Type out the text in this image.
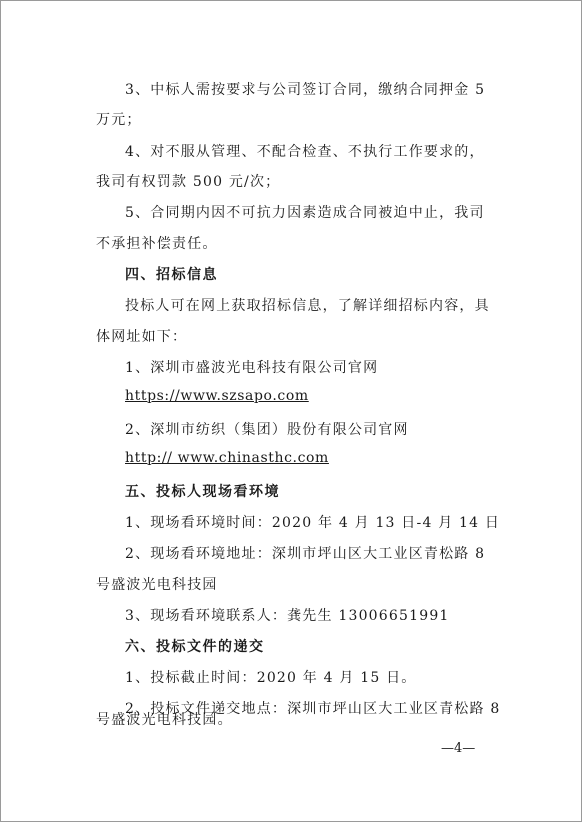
3、中标人需按要求与公司签订合同，缴纳合同押金 5
万元；
4、对不服从管理、不配合检查、不执行工作要求的，
我司有权罚款 500 元/次；
5、合同期内因不可抗力因素造成合同被迫中止，我司
不承担补偿责任。
四、招标信息
投标人可在网上获取招标信息，了解详细招标内容，具
体网址如下：
1、深圳市盛波光电科技有限公司官网
https://www.szsapo.com
2、深圳市纺织（集团）股份有限公司官网
http:// www.chinasthc.com
五、投标人现场看环境
1、现场看环境时间：2020 年 4 月 13 日-4 月 14 日
2、现场看环境地址：深圳市坪山区大工业区青松路 8
号盛波光电科技园
3、现场看环境联系人：龚先生 13006651991
六、投标文件的递交
1、投标截止时间：2020 年 4 月 15 日。
2、投标文件递交地点：深圳市坪山区大工业区青松路 8
号盛波光电科技园。
—4—
